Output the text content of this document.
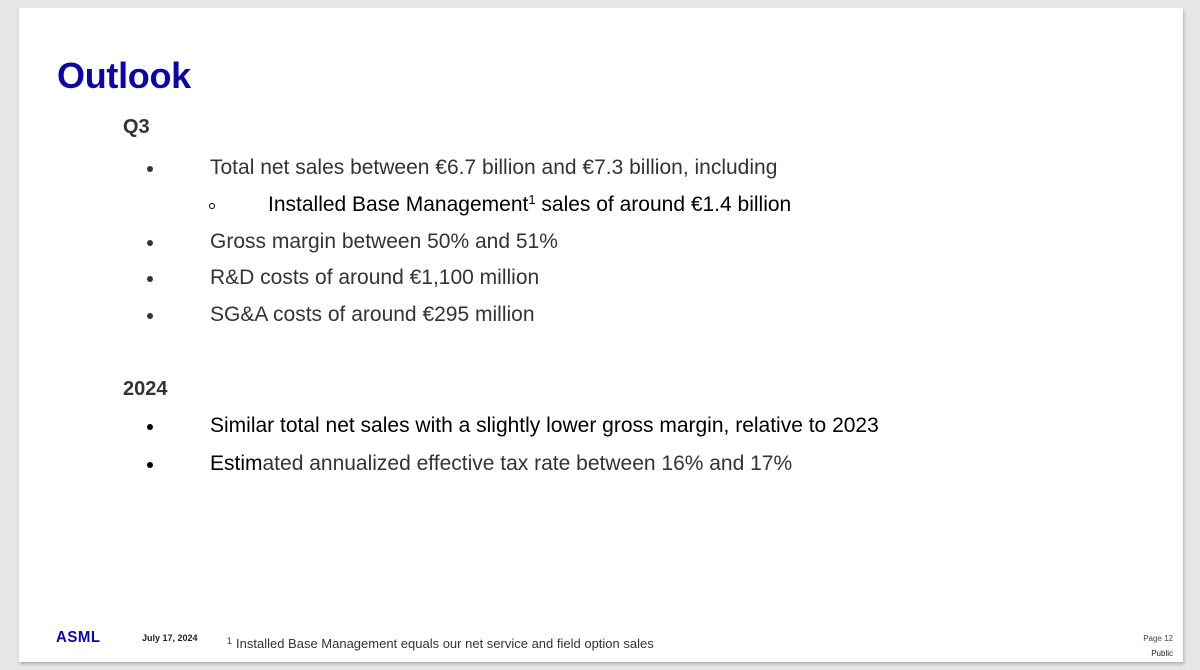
Outlook
Q3
Total net sales between €6.7 billion and €7.3 billion, including
Installed Base Management$^1$ sales of around €1.4 billion
Gross margin between 50% and 51%
R&D costs of around €1,100 million
SG&A costs of around €295 million
2024
Similar total net sales with a slightly lower gross margin, relative to 2023
Estimated annualized effective tax rate between 16% and 17%
ASML	July 17, 2024	$^1$ Installed Base Management equals our net service and field option sales	Page 12
Public
